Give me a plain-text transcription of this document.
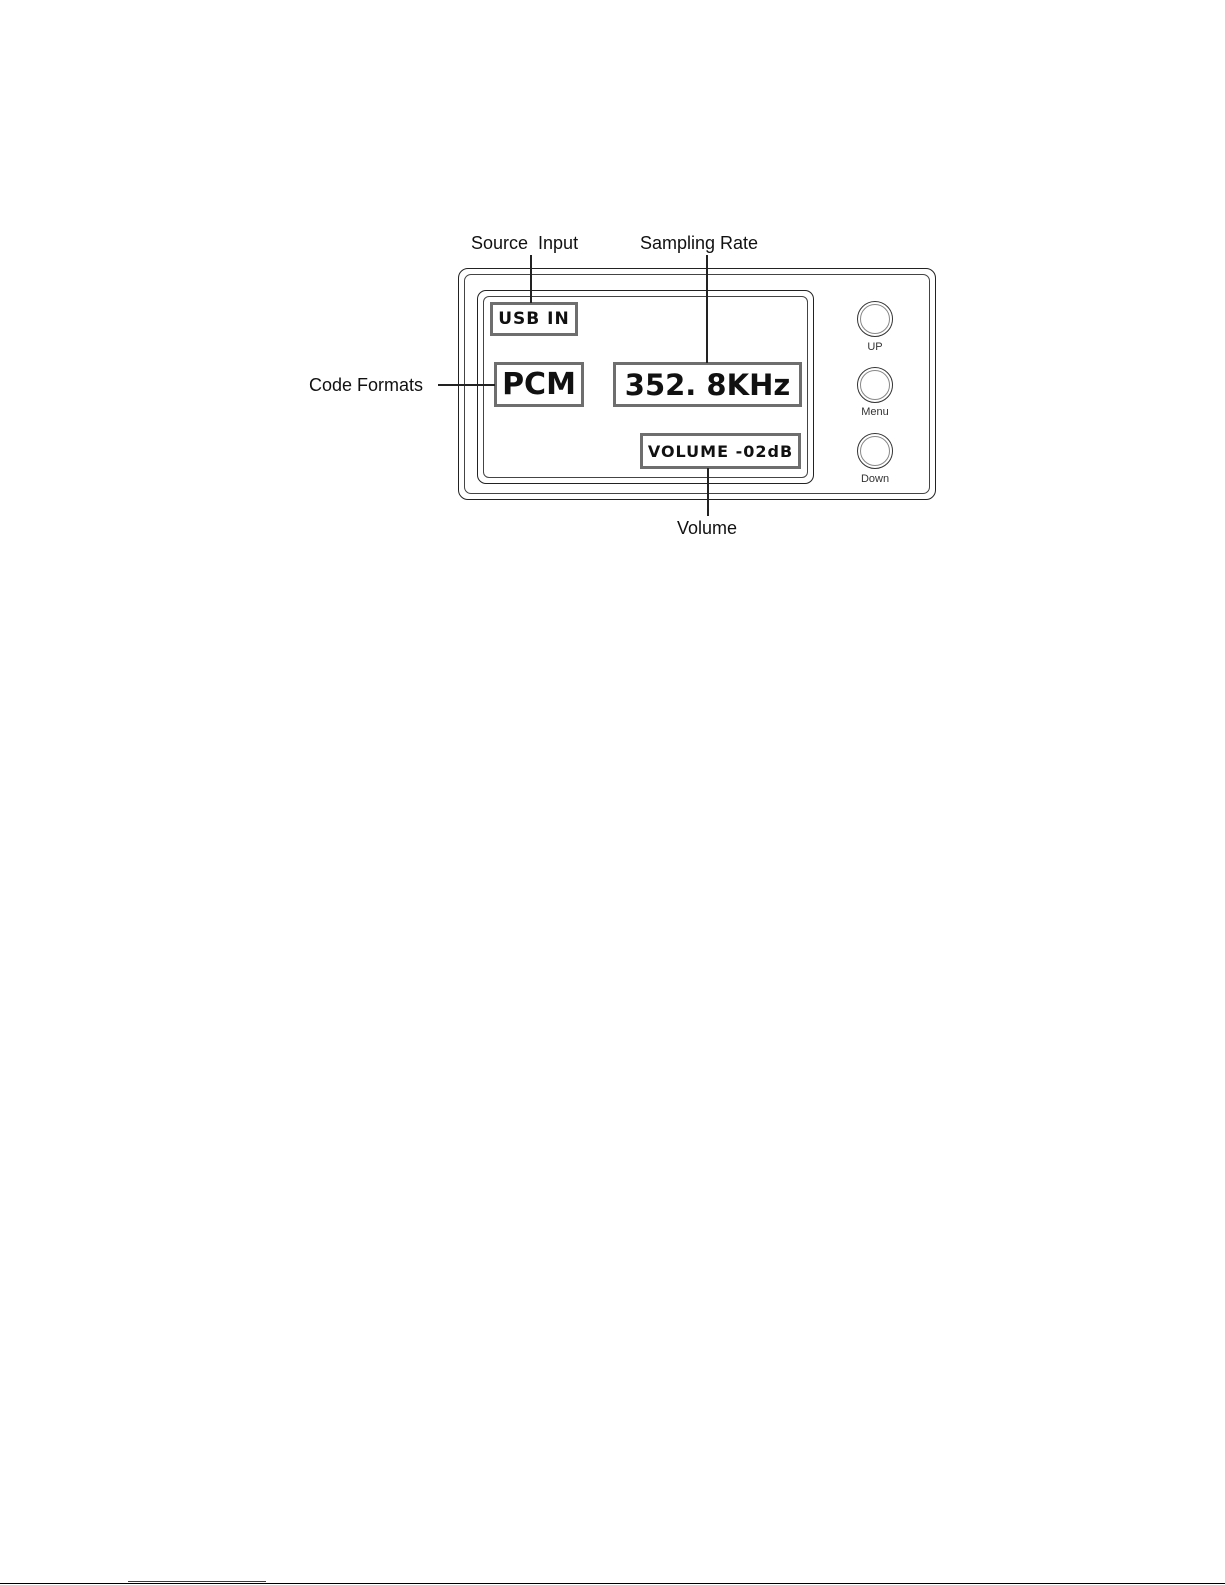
Source  Input	Sampling Rate
Code Formats
Volume
USB IN
PCM	352. 8KHz
VOLUME -02dB
UP
Menu
Down
